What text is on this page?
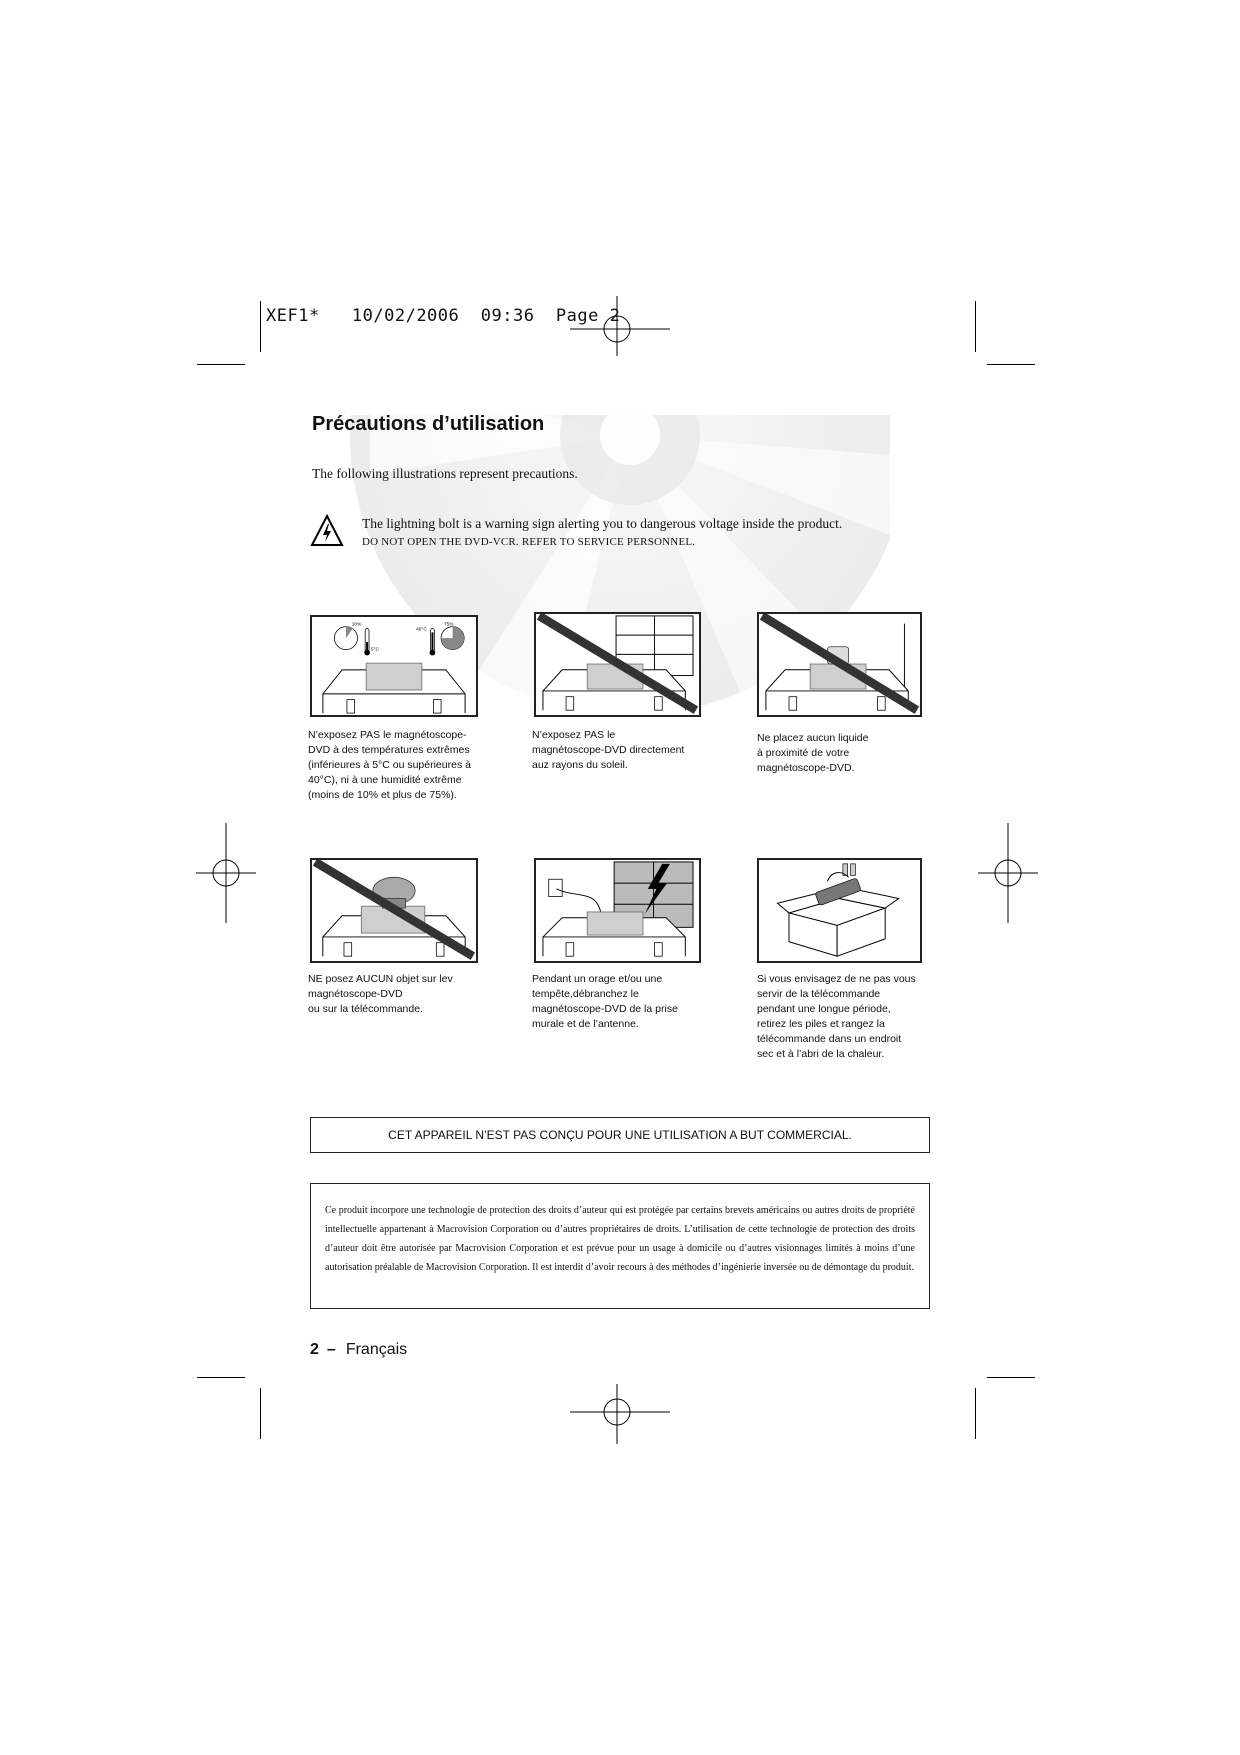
XEF1* 10/02/2006 09:36 Page 2
Précautions d’utilisation
The following illustrations represent precautions.
The lightning bolt is a warning sign alerting you to dangerous voltage inside the product.
DO NOT OPEN THE DVD-VCR. REFER TO SERVICE PERSONNEL.
10%
5°C
40°C
75%
N’exposez PAS le magnétoscope-
DVD à des températures extrêmes
(inférieures à 5°C ou supérieures à
40°C), ni à une humidité extrême
(moins de 10% et plus de 75%).
N’exposez PAS le
magnétoscope-DVD directement
auz rayons du soleil.
Ne placez aucun liquide
à proximité de votre
magnétoscope-DVD.
NE posez AUCUN objet sur lev
magnétoscope-DVD
ou sur la télécommande.
Pendant un orage et/ou une
tempête,débranchez le
magnétoscope-DVD de la prise
murale et de l’antenne.
Si vous envisagez de ne pas vous
servir de la télécommande
pendant une longue période,
retirez les piles et rangez la
télécommande dans un endroit
sec et à l’abri de la chaleur.
CET APPAREIL N’EST PAS CONÇU POUR UNE UTILISATION A BUT COMMERCIAL.
Ce produit incorpore une technologie de protection des droits d’auteur qui est protégée par certains brevets américains ou autres droits de propriété intellectuelle appartenant à Macrovision Corporation ou d’autres propriétaires de droits. L’utilisation de cette technologie de protection des droits d’auteur doit être autorisée par Macrovision Corporation et est prévue pour un usage à domicile ou d’autres visionnages limités à moins d’une autorisation préalable de Macrovision Corporation. Il est interdit d’avoir recours à des méthodes d’ingénierie inversée ou de démontage du produit.
2 – Français
